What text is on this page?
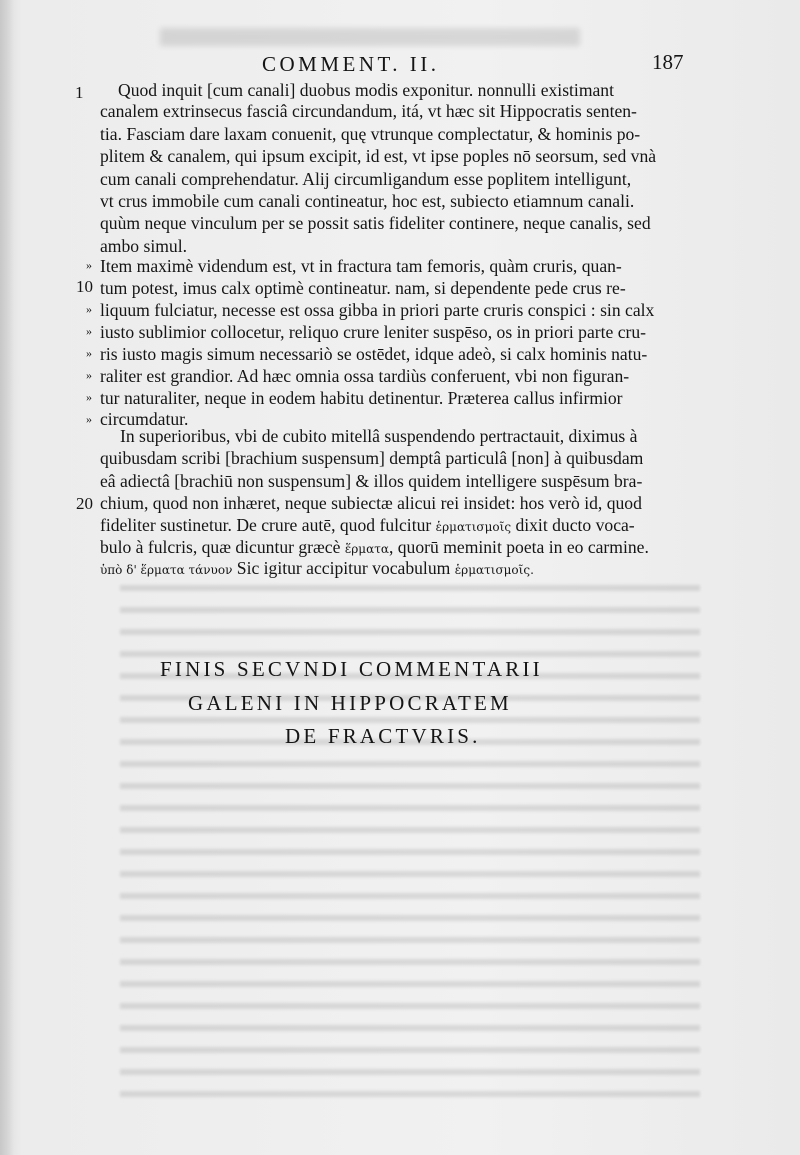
COMMENT. II.	187
1 Quod inquit [cum canali] duobus modis exponitur. nonnulli existimant
canalem extrinsecus fasciâ circundandum, itá, vt hæc sit Hippocratis senten-
tia. Fasciam dare laxam conuenit, quę vtrunque complectatur, & hominis po-
plitem & canalem, qui ipsum excipit, id est, vt ipse poples nō seorsum, sed vnà
cum canali comprehendatur. Alij circumligandum esse poplitem intelligunt,
vt crus immobile cum canali contineatur, hoc est, subiecto etiamnum canali.
quùm neque vinculum per se possit satis fideliter continere, neque canalis, sed
ambo simul.
»
10
»
»
»
»
»
»
Item maximè videndum est, vt in fractura tam femoris, quàm cruris, quan-
tum potest, imus calx optimè contineatur. nam, si dependente pede crus re-
liquum fulciatur, necesse est ossa gibba in priori parte cruris conspici : sin calx
iusto sublimior collocetur, reliquo crure leniter suspēso, os in priori parte cru-
ris iusto magis simum necessariò se ostēdet, idque adeò, si calx hominis natu-
raliter est grandior. Ad hæc omnia ossa tardiùs conferuent, vbi non figuran-
tur naturaliter, neque in eodem habitu detinentur. Præterea callus infirmior
circumdatur.
In superioribus, vbi de cubito mitellâ suspendendo pertractauit, diximus à
quibusdam scribi [brachium suspensum] demptâ particulâ [non] à quibusdam
eâ adiectâ [brachiū non suspensum] & illos quidem intelligere suspēsum bra-
20 chium, quod non inhæret, neque subiectæ alicui rei insidet: hos verò id, quod
fideliter sustinetur. De crure autē, quod fulcitur ἑρματισμοῖς dixit ducto voca-
bulo à fulcris, quæ dicuntur græcè ἕρματα, quorū meminit poeta in eo carmine.
ὑπὸ δ' ἕρματα τάνυον Sic igitur accipitur vocabulum ἑρματισμοῖς.
FINIS SECVNDI COMMENTARII
GALENI IN HIPPOCRATEM
DE FRACTVRIS.
